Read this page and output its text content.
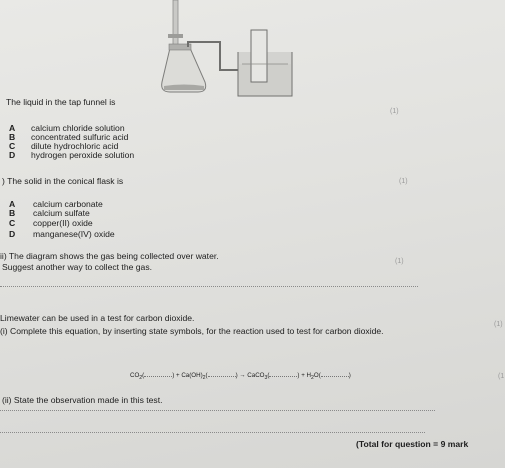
The liquid in the tap funnel is
(1)
A calcium chloride solution
B concentrated sulfuric acid
C dilute hydrochloric acid
D hydrogen peroxide solution
) The solid in the conical flask is	(1)
A calcium carbonate
B calcium sulfate
C copper(II) oxide
D manganese(IV) oxide
ii) The diagram shows the gas being collected over water.
Suggest another way to collect the gas.
(1)
Limewater can be used in a test for carbon dioxide.
(i) Complete this equation, by inserting state symbols, for the reaction used to test for carbon dioxide.
(1)
$CO_2$(	) + $Ca(OH)_2$(	) → CaCO$_3$(	) + $H_2O$(	)	(1
(ii) State the observation made in this test.
(Total for question = 9 mark
